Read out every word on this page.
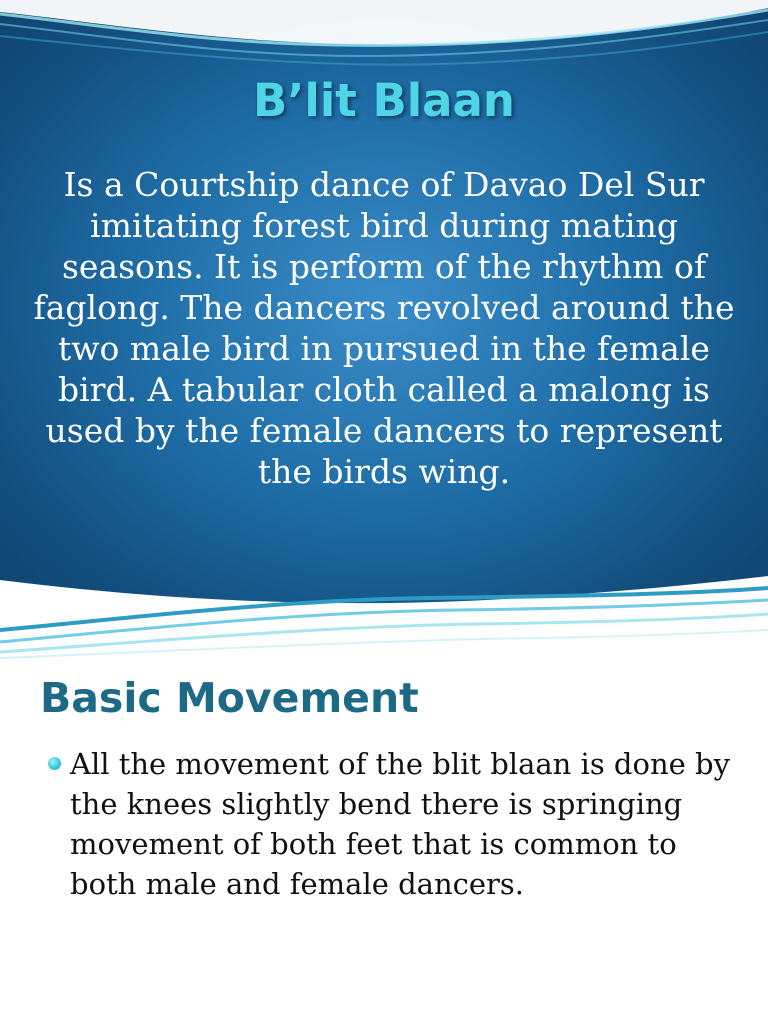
B’lit Blaan

Is a Courtship dance of Davao Del Sur imitating forest bird during mating seasons. It is perform of the rhythm of faglong. The dancers revolved around the two male bird in pursued in the female bird. A tabular cloth called a malong is used by the female dancers to represent the birds wing.

Basic Movement
All the movement of the blit blaan is done by the knees slightly bend there is springing movement of both feet that is common to both male and female dancers.
